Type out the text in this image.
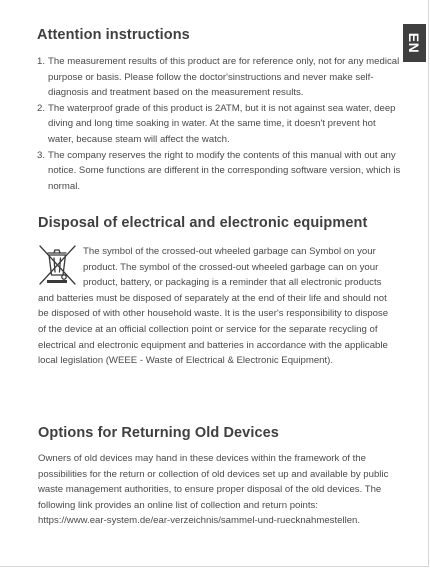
EN
Attention instructions
1. The measurement results of this product are for reference only, not for any medical purpose or basis. Please follow the doctor'sinstructions and never make self-diagnosis and treatment based on the measurement results.
2. The waterproof grade of this product is 2ATM, but it is not against sea water, deep diving and long time soaking in water. At the same time, it doesn't prevent hot water, because steam will affect the watch.
3. The company reserves the right to modify the contents of this manual with out any notice. Some functions are different in the corresponding software version, which is normal.
Disposal of electrical and electronic equipment
The symbol of the crossed-out wheeled garbage can Symbol on your product. The symbol of the crossed-out wheeled garbage can on your product, battery, or packaging is a reminder that all electronic products and batteries must be disposed of separately at the end of their life and should not be disposed of with other household waste. It is the user's responsibility to dispose of the device at an official collection point or service for the separate recycling of electrical and electronic equipment and batteries in accordance with the applicable local legislation (WEEE - Waste of Electrical & Electronic Equipment).
Options for Returning Old Devices
Owners of old devices may hand in these devices within the framework of the possibilities for the return or collection of old devices set up and available by public waste management authorities, to ensure proper disposal of the old devices. The following link provides an online list of collection and return points:
https://www.ear-system.de/ear-verzeichnis/sammel-und-ruecknahmestellen.
